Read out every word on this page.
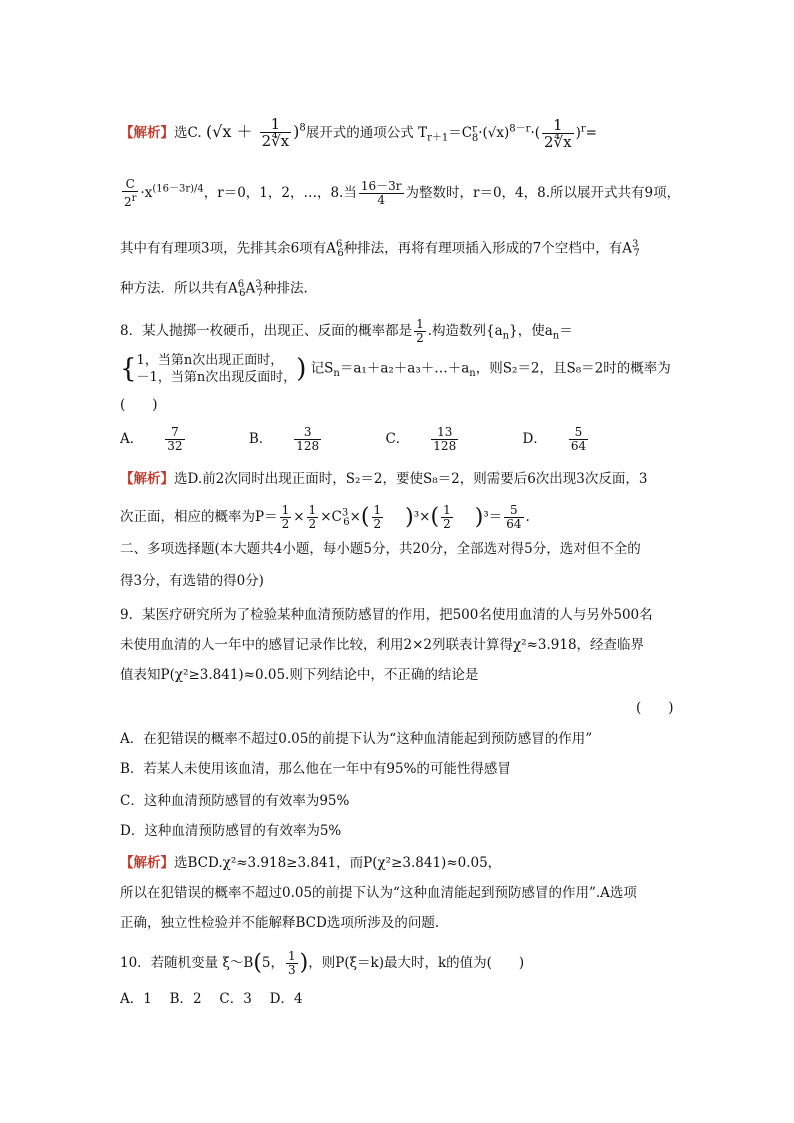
【解析】选C. $(√x + \frac{1}{2∜x} )^8$展开式的通项公式 $T_{r+1}=C^r_8\cdot(√x)^{8-r}\cdot( \frac{1}{2∜x} )^r=$
$\frac{C}{2^r} \cdot x^{(16-3r)/4}$，r＝0，1，2，…，8.当 $\frac{16-3r}{4}$ 为整数时，r＝0，4，8.所以展开式共有9项，
其中有有理项3项，先排其余6项有$A^6_6$种排法，再将有理项插入形成的7个空档中，有$A^3_7$
种方法．所以共有$A^6_6A^3_7$种排法.
8．某人抛掷一枚硬币，出现正、反面的概率都是 $\frac{1}{2}$ .构造数列$\{a_n\}$，使$a_n=$
{ 1，当第n次出现正面时，
－1，当第n次出现反面时， ) 记$S_n=a_1+a_2+a_3+\dots+a_n$，则S₂＝2，且S₈＝2时的概率为
(　　)
A． $\frac{7}{32}$	B． $\frac{3}{128}$	C． $\frac{13}{128}$	D． $\frac{5}{64}$
【解析】选D.前2次同时出现正面时，S₂＝2，要使S₈＝2，则需要后6次出现3次反面，3
次正面，相应的概率为$P= \frac{1}{2} \times \frac{1}{2} \times C^3_6\times( \frac{1}{2} )^3\times( \frac{1}{2} )^3= \frac{5}{64}$ .
二、多项选择题(本大题共4小题，每小题5分，共20分，全部选对得5分，选对但不全的
得3分，有选错的得0分)
9．某医疗研究所为了检验某种血清预防感冒的作用，把500名使用血清的人与另外500名
未使用血清的人一年中的感冒记录作比较，利用2×2列联表计算得χ²≈3.918，经查临界
值表知P(χ²≥3.841)≈0.05.则下列结论中，不正确的结论是
(　　)
A．在犯错误的概率不超过0.05的前提下认为“这种血清能起到预防感冒的作用”
B．若某人未使用该血清，那么他在一年中有95%的可能性得感冒
C．这种血清预防感冒的有效率为95%
D．这种血清预防感冒的有效率为5%
【解析】选BCD.χ²≈3.918≥3.841，而P(χ²≥3.841)≈0.05，
所以在犯错误的概率不超过0.05的前提下认为“这种血清能起到预防感冒的作用”.A选项
正确，独立性检验并不能解释BCD选项所涉及的问题.
10．若随机变量 ξ～B(5， $\frac{1}{3}$ )，则P(ξ＝k)最大时，k的值为(　　)
A．1　 B．2　 C．3　 D．4
